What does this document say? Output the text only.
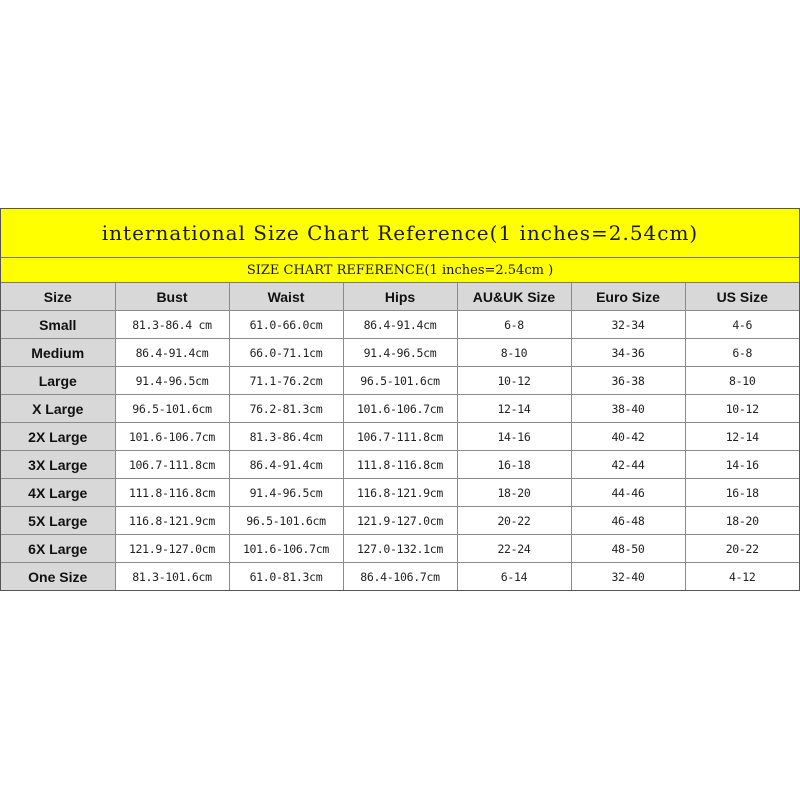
international Size Chart Reference(1 inches=2.54cm)
SIZE CHART REFERENCE(1 inches=2.54cm )
Size	Bust	Waist	Hips	AU&UK Size	Euro Size	US Size
Small	81.3-86.4 cm	61.0-66.0cm	86.4-91.4cm	6-8	32-34	4-6
Medium	86.4-91.4cm	66.0-71.1cm	91.4-96.5cm	8-10	34-36	6-8
Large	91.4-96.5cm	71.1-76.2cm	96.5-101.6cm	10-12	36-38	8-10
X Large	96.5-101.6cm	76.2-81.3cm	101.6-106.7cm	12-14	38-40	10-12
2X Large	101.6-106.7cm	81.3-86.4cm	106.7-111.8cm	14-16	40-42	12-14
3X Large	106.7-111.8cm	86.4-91.4cm	111.8-116.8cm	16-18	42-44	14-16
4X Large	111.8-116.8cm	91.4-96.5cm	116.8-121.9cm	18-20	44-46	16-18
5X Large	116.8-121.9cm	96.5-101.6cm	121.9-127.0cm	20-22	46-48	18-20
6X Large	121.9-127.0cm	101.6-106.7cm	127.0-132.1cm	22-24	48-50	20-22
One Size	81.3-101.6cm	61.0-81.3cm	86.4-106.7cm	6-14	32-40	4-12
